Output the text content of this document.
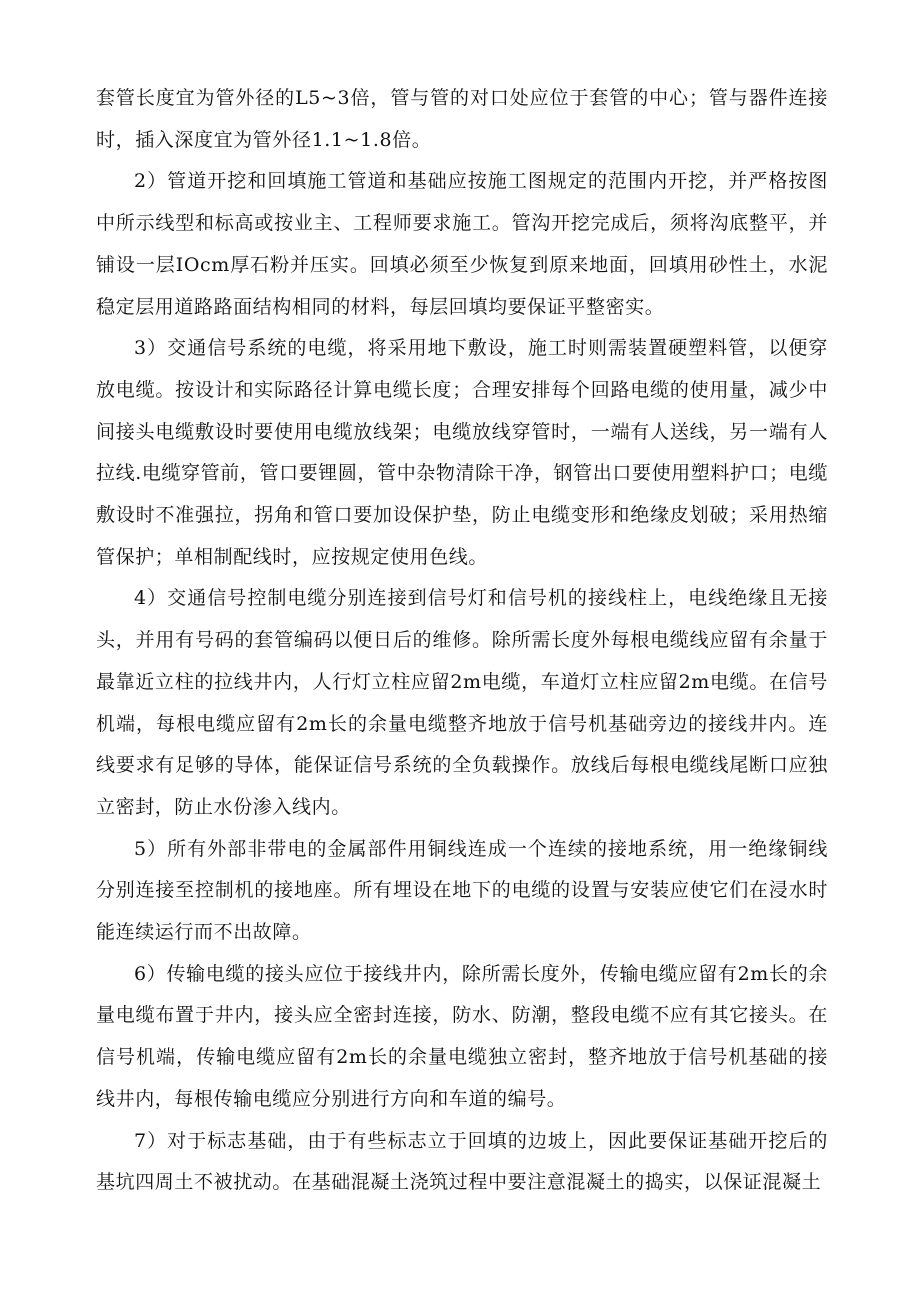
套管长度宜为管外径的L5~3倍，管与管的对口处应位于套管的中心；管与器件连接时，插入深度宜为管外径1.1~1.8倍。

2）管道开挖和回填施工管道和基础应按施工图规定的范围内开挖，并严格按图中所示线型和标高或按业主、工程师要求施工。管沟开挖完成后，须将沟底整平，并铺设一层IOcm厚石粉并压实。回填必须至少恢复到原来地面，回填用砂性土，水泥稳定层用道路路面结构相同的材料，每层回填均要保证平整密实。

3）交通信号系统的电缆，将采用地下敷设，施工时则需装置硬塑料管，以便穿放电缆。按设计和实际路径计算电缆长度；合理安排每个回路电缆的使用量，减少中间接头电缆敷设时要使用电缆放线架；电缆放线穿管时，一端有人送线，另一端有人拉线.电缆穿管前，管口要锂圆，管中杂物清除干净，钢管出口要使用塑料护口；电缆敷设时不准强拉，拐角和管口要加设保护垫，防止电缆变形和绝缘皮划破；采用热缩管保护；单相制配线时，应按规定使用色线。

4）交通信号控制电缆分别连接到信号灯和信号机的接线柱上，电线绝缘且无接头，并用有号码的套管编码以便日后的维修。除所需长度外每根电缆线应留有余量于最靠近立柱的拉线井内，人行灯立柱应留2m电缆，车道灯立柱应留2m电缆。在信号机端，每根电缆应留有2m长的余量电缆整齐地放于信号机基础旁边的接线井内。连线要求有足够的导体，能保证信号系统的全负载操作。放线后每根电缆线尾断口应独立密封，防止水份渗入线内。

5）所有外部非带电的金属部件用铜线连成一个连续的接地系统，用一绝缘铜线分别连接至控制机的接地座。所有埋设在地下的电缆的设置与安装应使它们在浸水时能连续运行而不出故障。

6）传输电缆的接头应位于接线井内，除所需长度外，传输电缆应留有2m长的余量电缆布置于井内，接头应全密封连接，防水、防潮，整段电缆不应有其它接头。在信号机端，传输电缆应留有2m长的余量电缆独立密封，整齐地放于信号机基础的接线井内，每根传输电缆应分别进行方向和车道的编号。

7）对于标志基础，由于有些标志立于回填的边坡上，因此要保证基础开挖后的基坑四周土不被扰动。在基础混凝土浇筑过程中要注意混凝土的捣实，以保证混凝土
